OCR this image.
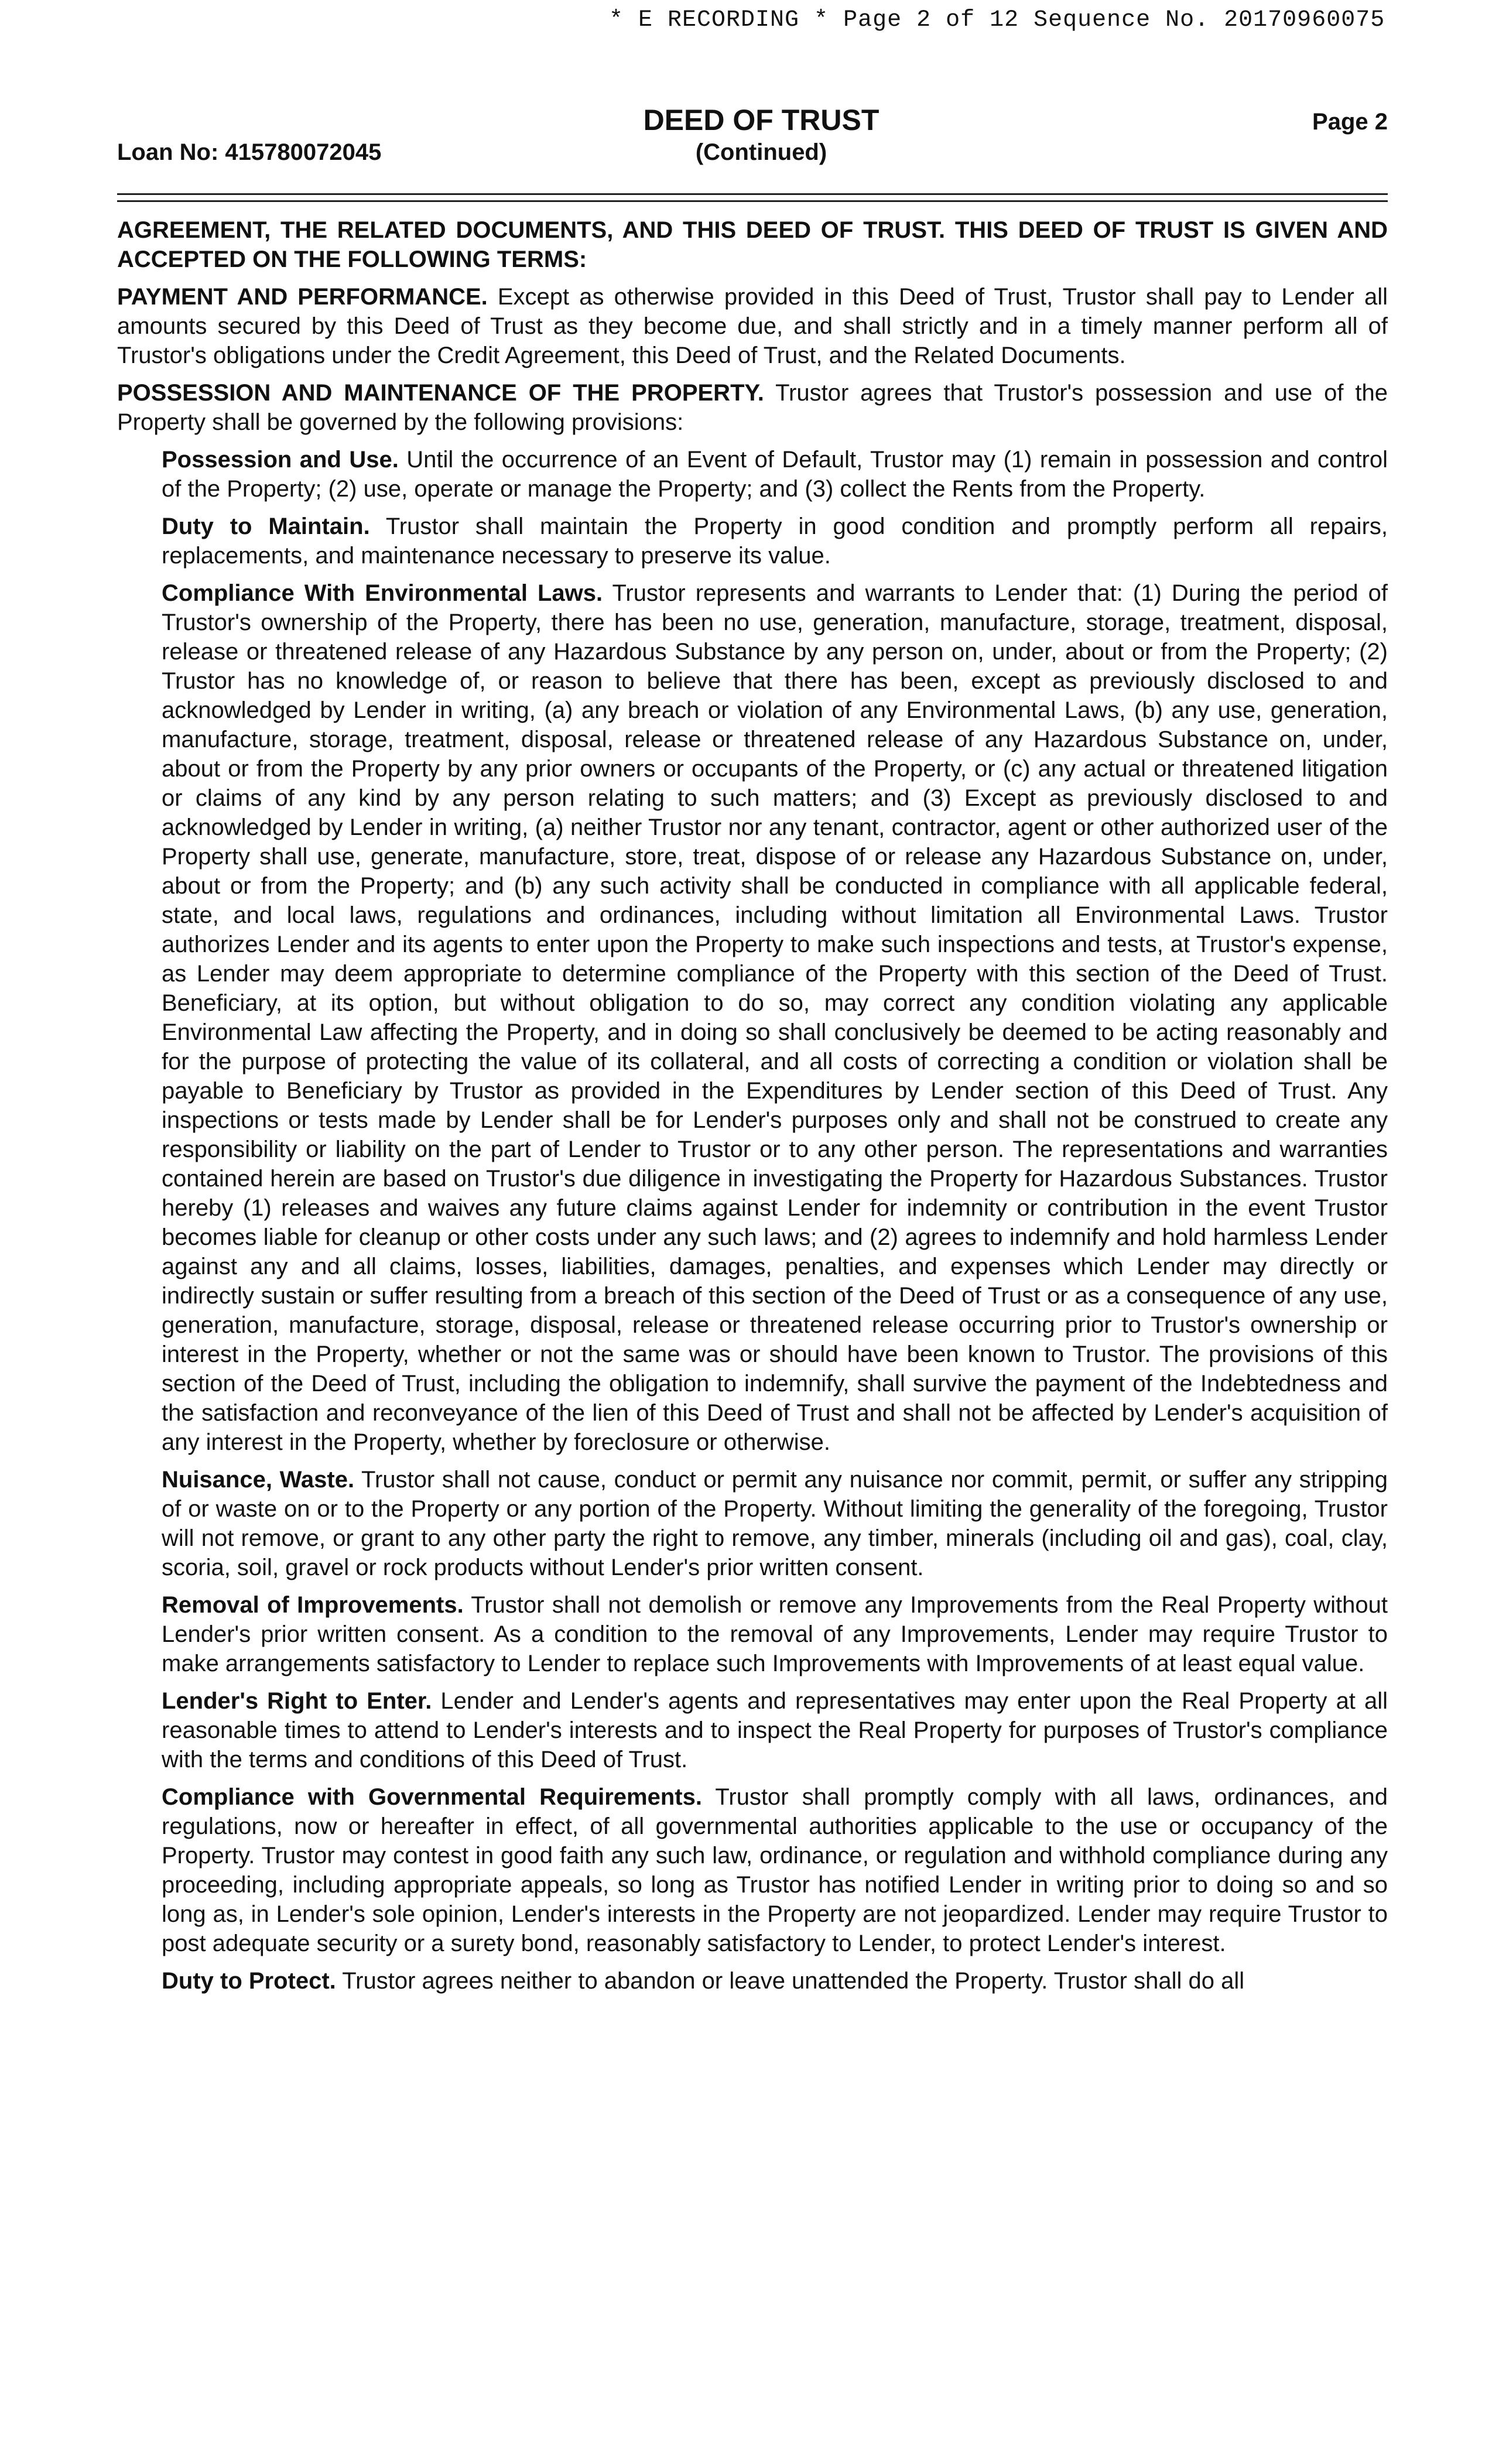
* E RECORDING * Page 2 of 12 Sequence No. 20170960075
Loan No: 415780072045
DEED OF TRUST
(Continued)
Page 2

AGREEMENT, THE RELATED DOCUMENTS, AND THIS DEED OF TRUST. THIS DEED OF TRUST IS GIVEN AND ACCEPTED ON THE FOLLOWING TERMS:

PAYMENT AND PERFORMANCE. Except as otherwise provided in this Deed of Trust, Trustor shall pay to Lender all amounts secured by this Deed of Trust as they become due, and shall strictly and in a timely manner perform all of Trustor's obligations under the Credit Agreement, this Deed of Trust, and the Related Documents.

POSSESSION AND MAINTENANCE OF THE PROPERTY. Trustor agrees that Trustor's possession and use of the Property shall be governed by the following provisions:

Possession and Use. Until the occurrence of an Event of Default, Trustor may (1) remain in possession and control of the Property; (2) use, operate or manage the Property; and (3) collect the Rents from the Property.

Duty to Maintain. Trustor shall maintain the Property in good condition and promptly perform all repairs, replacements, and maintenance necessary to preserve its value.

Compliance With Environmental Laws. Trustor represents and warrants to Lender that: (1) During the period of Trustor's ownership of the Property, there has been no use, generation, manufacture, storage, treatment, disposal, release or threatened release of any Hazardous Substance by any person on, under, about or from the Property; (2) Trustor has no knowledge of, or reason to believe that there has been, except as previously disclosed to and acknowledged by Lender in writing, (a) any breach or violation of any Environmental Laws, (b) any use, generation, manufacture, storage, treatment, disposal, release or threatened release of any Hazardous Substance on, under, about or from the Property by any prior owners or occupants of the Property, or (c) any actual or threatened litigation or claims of any kind by any person relating to such matters; and (3) Except as previously disclosed to and acknowledged by Lender in writing, (a) neither Trustor nor any tenant, contractor, agent or other authorized user of the Property shall use, generate, manufacture, store, treat, dispose of or release any Hazardous Substance on, under, about or from the Property; and (b) any such activity shall be conducted in compliance with all applicable federal, state, and local laws, regulations and ordinances, including without limitation all Environmental Laws. Trustor authorizes Lender and its agents to enter upon the Property to make such inspections and tests, at Trustor's expense, as Lender may deem appropriate to determine compliance of the Property with this section of the Deed of Trust. Beneficiary, at its option, but without obligation to do so, may correct any condition violating any applicable Environmental Law affecting the Property, and in doing so shall conclusively be deemed to be acting reasonably and for the purpose of protecting the value of its collateral, and all costs of correcting a condition or violation shall be payable to Beneficiary by Trustor as provided in the Expenditures by Lender section of this Deed of Trust. Any inspections or tests made by Lender shall be for Lender's purposes only and shall not be construed to create any responsibility or liability on the part of Lender to Trustor or to any other person. The representations and warranties contained herein are based on Trustor's due diligence in investigating the Property for Hazardous Substances. Trustor hereby (1) releases and waives any future claims against Lender for indemnity or contribution in the event Trustor becomes liable for cleanup or other costs under any such laws; and (2) agrees to indemnify and hold harmless Lender against any and all claims, losses, liabilities, damages, penalties, and expenses which Lender may directly or indirectly sustain or suffer resulting from a breach of this section of the Deed of Trust or as a consequence of any use, generation, manufacture, storage, disposal, release or threatened release occurring prior to Trustor's ownership or interest in the Property, whether or not the same was or should have been known to Trustor. The provisions of this section of the Deed of Trust, including the obligation to indemnify, shall survive the payment of the Indebtedness and the satisfaction and reconveyance of the lien of this Deed of Trust and shall not be affected by Lender's acquisition of any interest in the Property, whether by foreclosure or otherwise.

Nuisance, Waste. Trustor shall not cause, conduct or permit any nuisance nor commit, permit, or suffer any stripping of or waste on or to the Property or any portion of the Property. Without limiting the generality of the foregoing, Trustor will not remove, or grant to any other party the right to remove, any timber, minerals (including oil and gas), coal, clay, scoria, soil, gravel or rock products without Lender's prior written consent.

Removal of Improvements. Trustor shall not demolish or remove any Improvements from the Real Property without Lender's prior written consent. As a condition to the removal of any Improvements, Lender may require Trustor to make arrangements satisfactory to Lender to replace such Improvements with Improvements of at least equal value.

Lender's Right to Enter. Lender and Lender's agents and representatives may enter upon the Real Property at all reasonable times to attend to Lender's interests and to inspect the Real Property for purposes of Trustor's compliance with the terms and conditions of this Deed of Trust.

Compliance with Governmental Requirements. Trustor shall promptly comply with all laws, ordinances, and regulations, now or hereafter in effect, of all governmental authorities applicable to the use or occupancy of the Property. Trustor may contest in good faith any such law, ordinance, or regulation and withhold compliance during any proceeding, including appropriate appeals, so long as Trustor has notified Lender in writing prior to doing so and so long as, in Lender's sole opinion, Lender's interests in the Property are not jeopardized. Lender may require Trustor to post adequate security or a surety bond, reasonably satisfactory to Lender, to protect Lender's interest.

Duty to Protect. Trustor agrees neither to abandon or leave unattended the Property. Trustor shall do all
